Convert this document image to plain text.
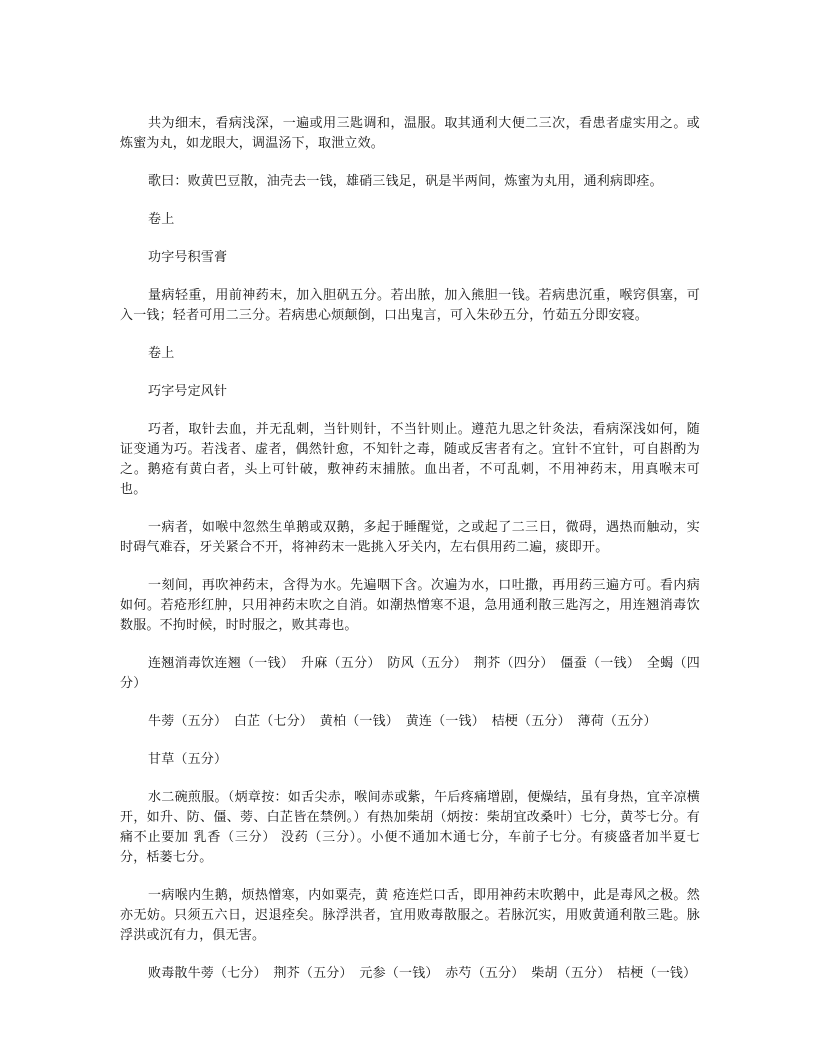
共为细末，看病浅深，一遍或用三匙调和，温服。取其通利大便二三次，看患者虚实用之。或炼蜜为丸，如龙眼大，调温汤下，取泄立效。

歌曰：败黄巴豆散，油壳去一钱，雄硝三钱足，矾是半两间，炼蜜为丸用，通利病即痊。

卷上

功字号积雪膏

量病轻重，用前神药末，加入胆矾五分。若出脓，加入熊胆一钱。若病患沉重，喉窍俱塞，可入一钱；轻者可用二三分。若病患心烦颠倒，口出鬼言，可入朱砂五分，竹茹五分即安寝。

卷上

巧字号定风针

巧者，取针去血，并无乱刺，当针则针，不当针则止。遵范九思之针灸法，看病深浅如何，随证变通为巧。若浅者、虚者，偶然针愈，不知针之毒，随或反害者有之。宜针不宜针，可自斟酌为之。鹅疮有黄白者，头上可针破，敷神药末捕脓。血出者，不可乱刺，不用神药末，用真喉末可也。

一病者，如喉中忽然生单鹅或双鹅，多起于睡醒觉，之或起了二三日，微碍，遇热而触动，实时碍气难吞，牙关紧合不开，将神药末一匙挑入牙关内，左右俱用药二遍，痰即开。

一刻间，再吹神药末，含得为水。先遍咽下含。次遍为水，口吐撒，再用药三遍方可。看内病如何。若疮形红肿，只用神药末吹之自消。如潮热憎寒不退，急用通利散三匙泻之，用连翘消毒饮数服。不拘时候，时时服之，败其毒也。

连翘消毒饮连翘（一钱）　升麻（五分）　防风（五分）　荆芥（四分）　僵蚕（一钱）　全蝎（四分）

牛蒡（五分）　白芷（七分）　黄柏（一钱）　黄连（一钱）　桔梗（五分）　薄荷（五分）

甘草（五分）

水二碗煎服。（炳章按：如舌尖赤，喉间赤或紫，午后疼痛增剧，便燥结，虽有身热，宜辛凉横开，如升、防、僵、蒡、白芷皆在禁例。）有热加柴胡（炳按：柴胡宜改桑叶）七分，黄芩七分。有痛不止要加 乳香（三分） 没药（三分）。小便不通加木通七分，车前子七分。有痰盛者加半夏七分，栝蒌七分。

一病喉内生鹅，烦热憎寒，内如粟壳，黄 疮连烂口舌，即用神药末吹鹅中，此是毒风之极。然亦无妨。只须五六日，迟退痊矣。脉浮洪者，宜用败毒散服之。若脉沉实，用败黄通利散三匙。脉浮洪或沉有力，俱无害。

败毒散牛蒡（七分）　荆芥（五分）　元参（一钱）　赤芍（五分）　柴胡（五分）　桔梗（一钱）
